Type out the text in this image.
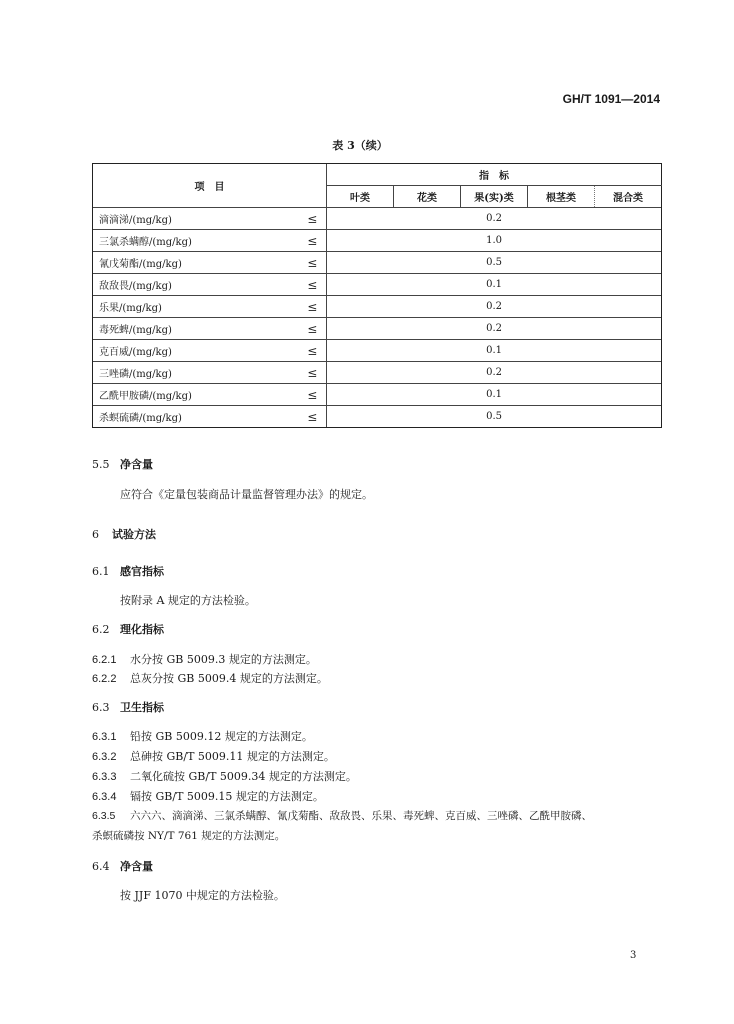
GH/T 1091—2014
表 3（续）
项　目		指　标				
		叶类	花类	果(实)类	根茎类	混合类
滴滴涕/(mg/kg)	≤	0.2				
三氯杀螨醇/(mg/kg)	≤	1.0				
氰戊菊酯/(mg/kg)	≤	0.5				
敌敌畏/(mg/kg)	≤	0.1				
乐果/(mg/kg)	≤	0.2				
毒死蜱/(mg/kg)	≤	0.2				
克百威/(mg/kg)	≤	0.1				
三唑磷/(mg/kg)	≤	0.2				
乙酰甲胺磷/(mg/kg)	≤	0.1				
杀螟硫磷/(mg/kg)	≤	0.5				
5.5 净含量
应符合《定量包装商品计量监督管理办法》的规定。
6 试验方法
6.1 感官指标
按附录 A 规定的方法检验。
6.2 理化指标
6.2.1 水分按 GB 5009.3 规定的方法测定。
6.2.2 总灰分按 GB 5009.4 规定的方法测定。
6.3 卫生指标
6.3.1 铅按 GB 5009.12 规定的方法测定。
6.3.2 总砷按 GB/T 5009.11 规定的方法测定。
6.3.3 二氧化硫按 GB/T 5009.34 规定的方法测定。
6.3.4 镉按 GB/T 5009.15 规定的方法测定。
6.3.5 六六六、滴滴涕、三氯杀螨醇、氰戊菊酯、敌敌畏、乐果、毒死蜱、克百威、三唑磷、乙酰甲胺磷、
杀螟硫磷按 NY/T 761 规定的方法测定。
6.4 净含量
按 JJF 1070 中规定的方法检验。
3
